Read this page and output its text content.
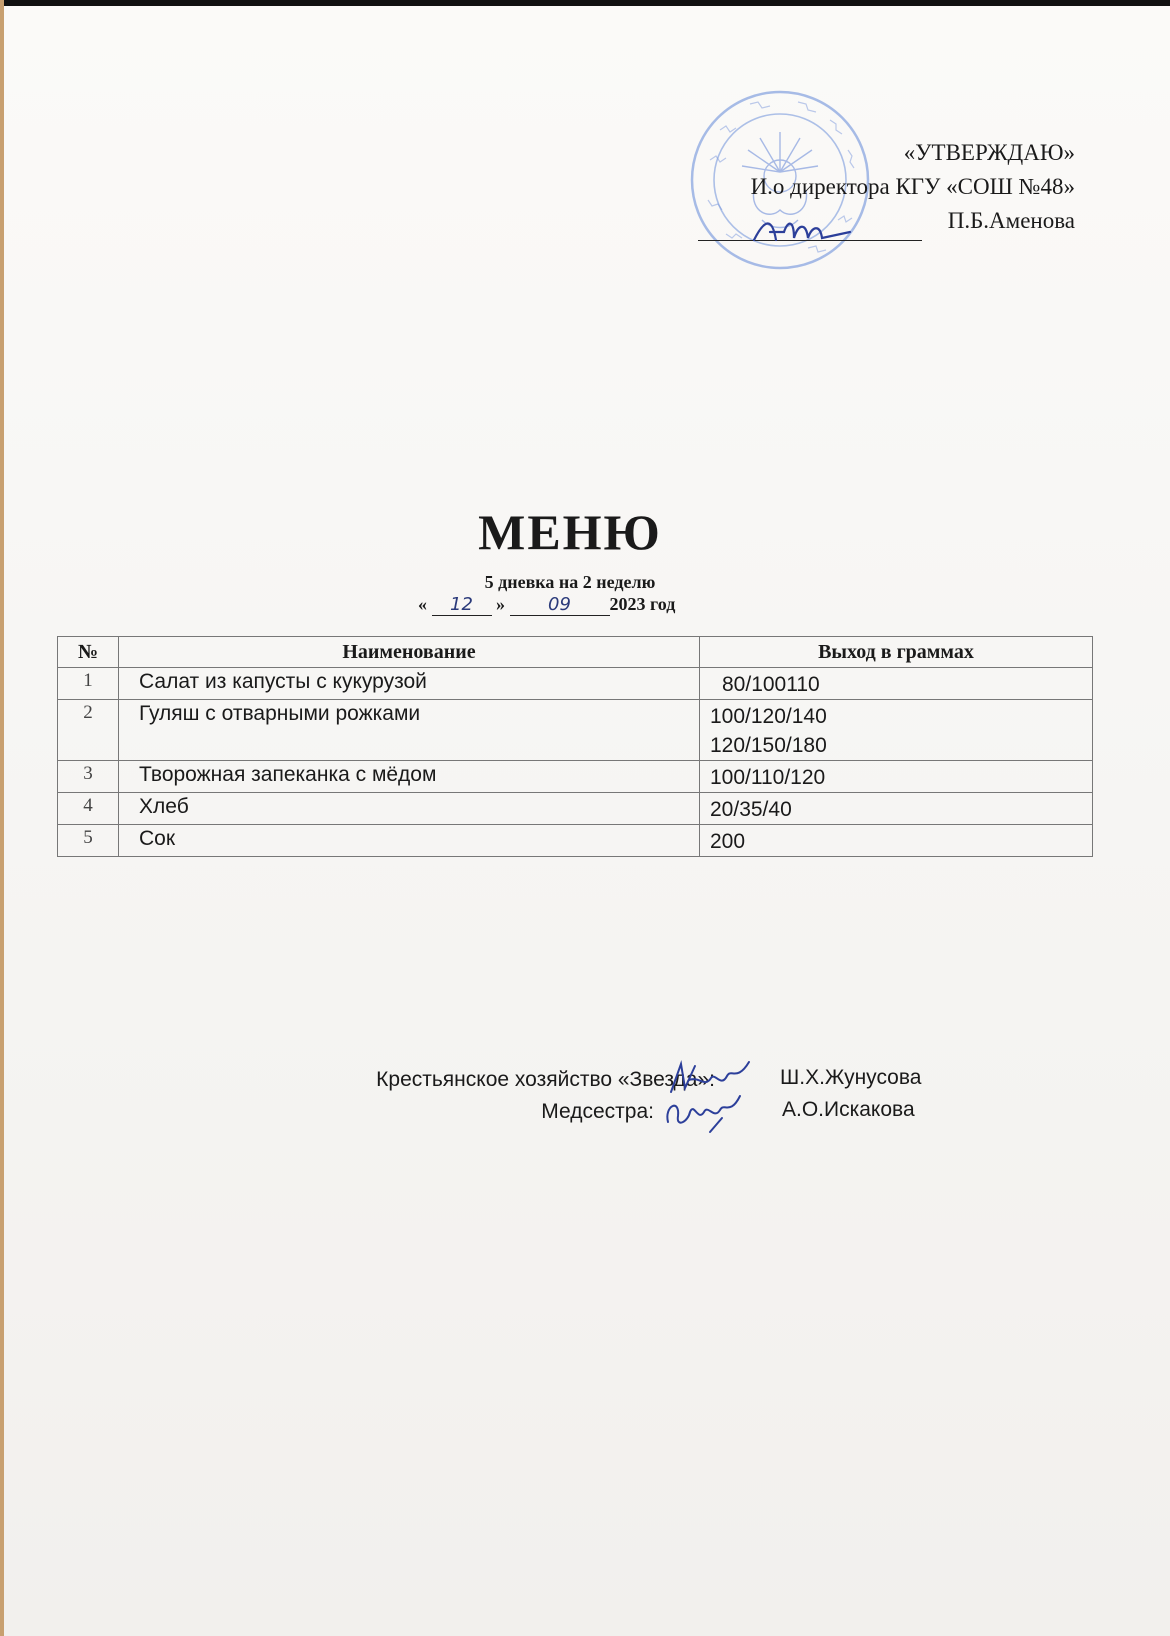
«УТВЕРЖДАЮ»
И.о директора КГУ «СОШ №48»
П.Б.Аменова
МЕНЮ
5 дневка на 2 неделю
« 12 » 09 2023 год
№	Наименование	Выход в граммах
1	Салат из капусты с кукурузой	80/100110

2	Гуляш с отварными рожками	100/120/140
120/150/180

3	Творожная запеканка с мёдом	100/110/120

4	Хлеб	20/35/40

5	Сок	200
Крестьянское хозяйство «Звезда»:	Ш.Х.Жунусова
Медсестра:	А.О.Искакова
